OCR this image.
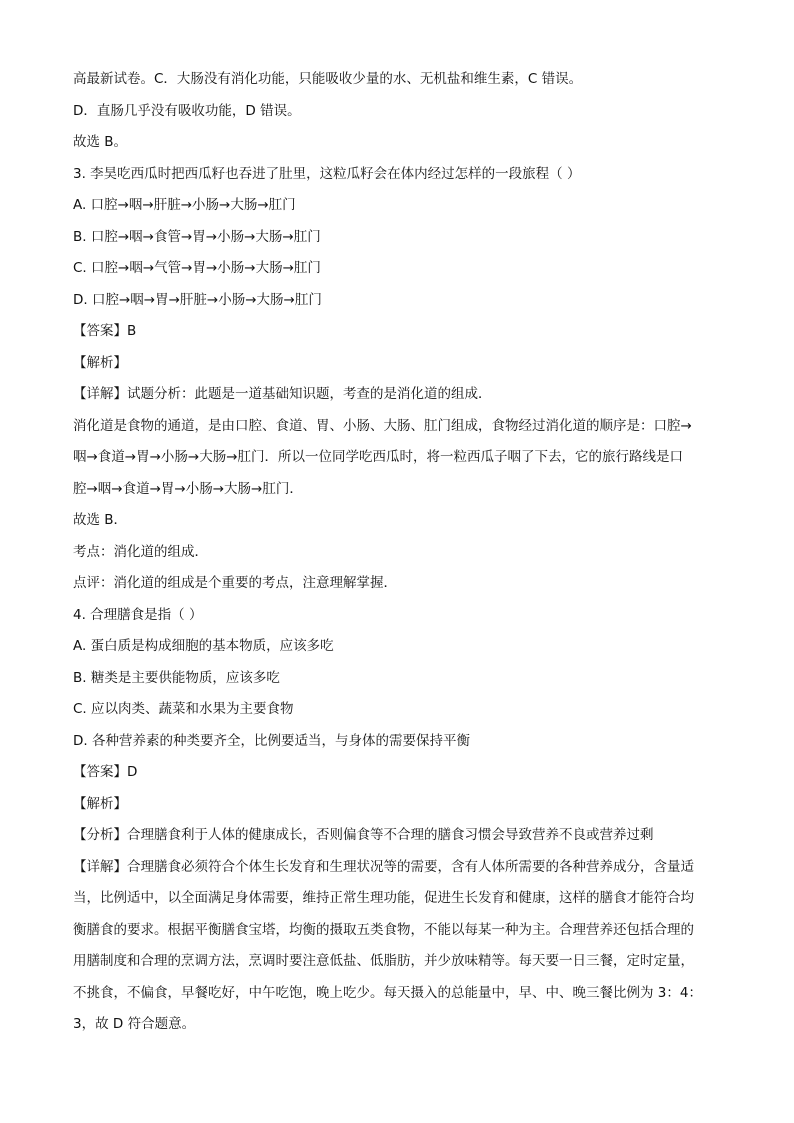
高最新试卷。C．大肠没有消化功能，只能吸收少量的水、无机盐和维生素，C 错误。
D．直肠几乎没有吸收功能，D 错误。
故选 B。
3. 李昊吃西瓜时把西瓜籽也吞进了肚里，这粒瓜籽会在体内经过怎样的一段旅程（ ）
A. 口腔→咽→肝脏→小肠→大肠→肛门
B. 口腔→咽→食管→胃→小肠→大肠→肛门
C. 口腔→咽→气管→胃→小肠→大肠→肛门
D. 口腔→咽→胃→肝脏→小肠→大肠→肛门
【答案】B
【解析】
【详解】试题分析：此题是一道基础知识题，考查的是消化道的组成．
消化道是食物的通道，是由口腔、食道、胃、小肠、大肠、肛门组成，食物经过消化道的顺序是：口腔→
咽→食道→胃→小肠→大肠→肛门．所以一位同学吃西瓜时，将一粒西瓜子咽了下去，它的旅行路线是口
腔→咽→食道→胃→小肠→大肠→肛门．
故选 B．
考点：消化道的组成．
点评：消化道的组成是个重要的考点，注意理解掌握．
4. 合理膳食是指（ ）
A. 蛋白质是构成细胞的基本物质，应该多吃
B. 糖类是主要供能物质，应该多吃
C. 应以肉类、蔬菜和水果为主要食物
D. 各种营养素的种类要齐全，比例要适当，与身体的需要保持平衡
【答案】D
【解析】
【分析】合理膳食利于人体的健康成长，否则偏食等不合理的膳食习惯会导致营养不良或营养过剩
【详解】合理膳食必须符合个体生长发育和生理状况等的需要，含有人体所需要的各种营养成分，含量适
当，比例适中，以全面满足身体需要，维持正常生理功能，促进生长发育和健康，这样的膳食才能符合均
衡膳食的要求。根据平衡膳食宝塔，均衡的摄取五类食物，不能以每某一种为主。合理营养还包括合理的
用膳制度和合理的烹调方法，烹调时要注意低盐、低脂肪，并少放味精等。每天要一日三餐，定时定量，
不挑食，不偏食，早餐吃好，中午吃饱，晚上吃少。每天摄入的总能量中，早、中、晚三餐比例为 3：4：
3，故 D 符合题意。
